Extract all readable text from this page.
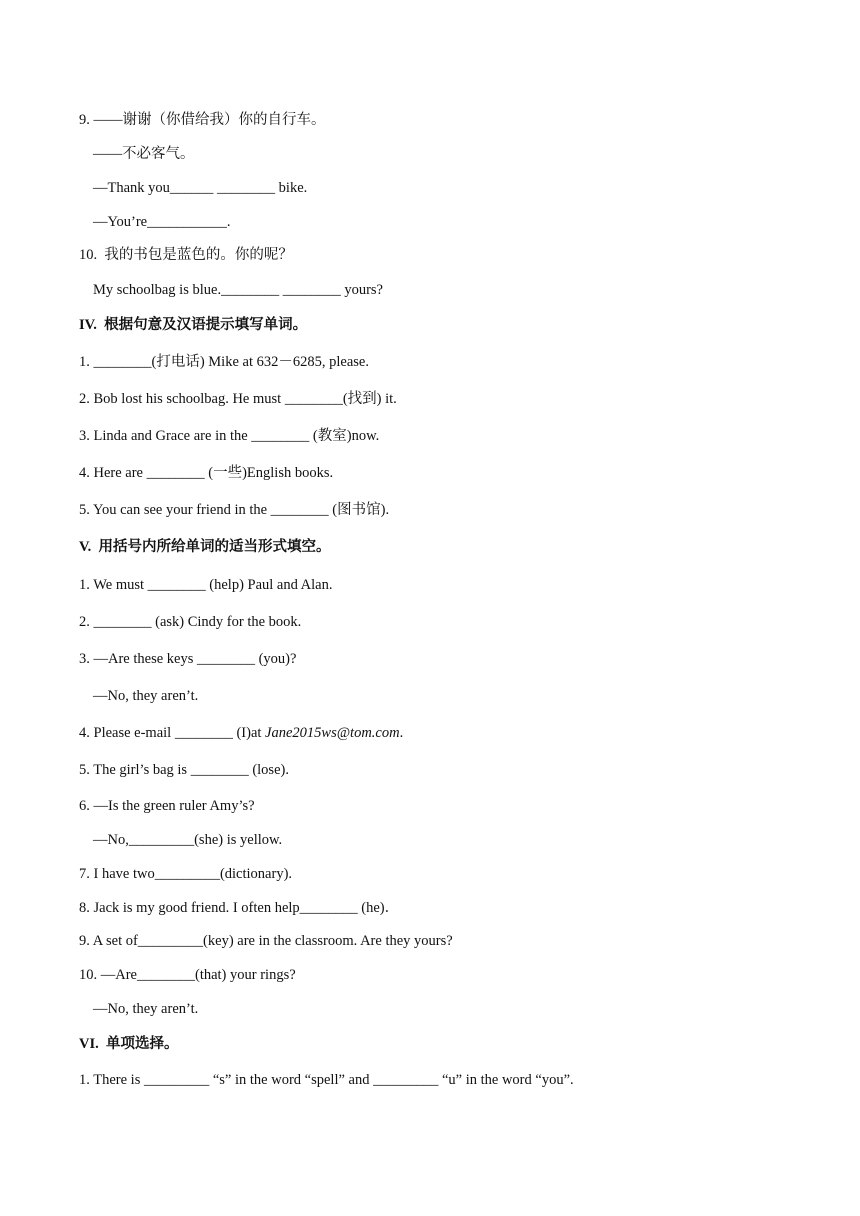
9. ——谢谢（你借给我）你的自行车。
——不必客气。
—Thank you______ ________ bike.
—You’re___________.
10.  我的书包是蓝色的。你的呢？
My schoolbag is blue.________ ________ yours?
IV.  根据句意及汉语提示填写单词。
1. ________(打电话) Mike at 632－6285, please.
2. Bob lost his schoolbag. He must ________(找到) it.
3. Linda and Grace are in the ________ (教室)now.
4. Here are ________ (一些)English books.
5. You can see your friend in the ________ (图书馆).
V.  用括号内所给单词的适当形式填空。
1. We must ________ (help) Paul and Alan.
2. ________ (ask) Cindy for the book.
3. —Are these keys ________ (you)?
—No, they aren’t.
4. Please e-mail ________ (I)at Jane2015ws@tom.com.
5. The girl’s bag is ________ (lose).
6. —Is the green ruler Amy’s?
—No,_________(she) is yellow.
7. I have two_________(dictionary).
8. Jack is my good friend. I often help________ (he)．
9. A set of_________(key) are in the classroom. Are they yours?
10. —Are________(that) your rings?
—No, they aren’t.
VI.  单项选择。
1. There is _________ “s” in the word “spell” and _________ “u” in the word “you”.
